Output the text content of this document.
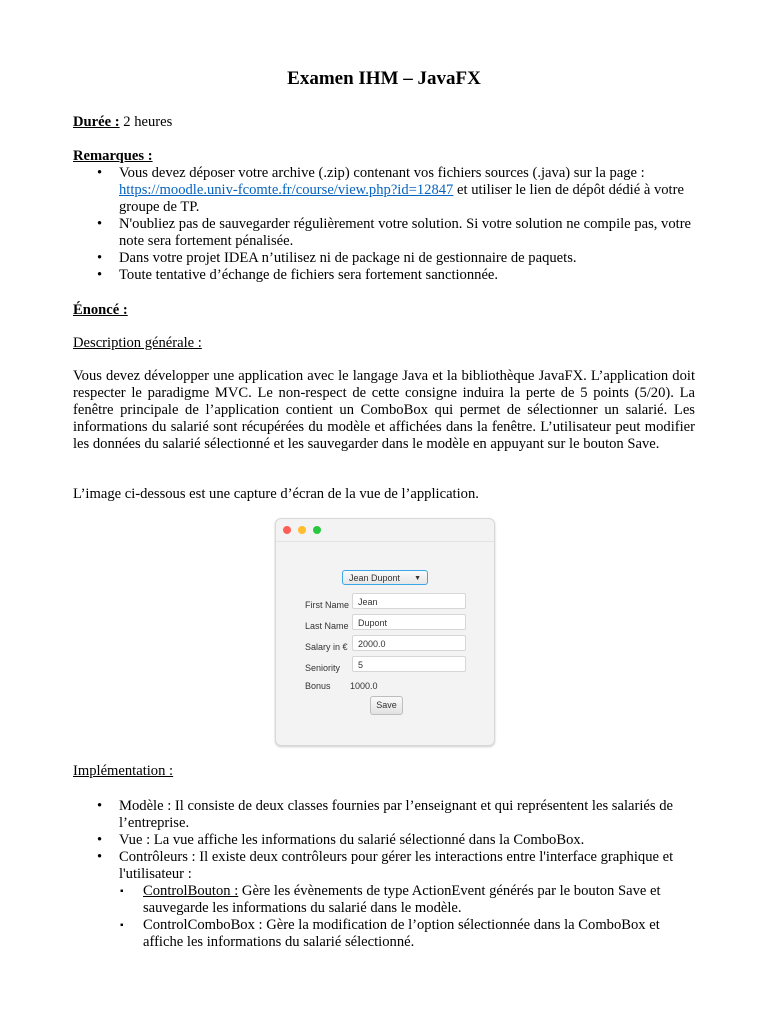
Examen IHM – JavaFX
Durée : 2 heures
Remarques :
• Vous devez déposer votre archive (.zip) contenant vos fichiers sources (.java) sur la page : https://moodle.univ-fcomte.fr/course/view.php?id=12847 et utiliser le lien de dépôt dédié à votre groupe de TP.
• N'oubliez pas de sauvegarder régulièrement votre solution. Si votre solution ne compile pas, votre note sera fortement pénalisée.
• Dans votre projet IDEA n’utilisez ni de package ni de gestionnaire de paquets.
• Toute tentative d’échange de fichiers sera fortement sanctionnée.
Énoncé :
Description générale :
Vous devez développer une application avec le langage Java et la bibliothèque JavaFX. L’application doit respecter le paradigme MVC. Le non-respect de cette consigne induira la perte de 5 points (5/20). La fenêtre principale de l’application contient un ComboBox qui permet de sélectionner un salarié. Les informations du salarié sont récupérées du modèle et affichées dans la fenêtre. L’utilisateur peut modifier les données du salarié sélectionné et les sauvegarder dans le modèle en appuyant sur le bouton Save.
L’image ci-dessous est une capture d’écran de la vue de l’application.
Jean Dupont ▼
First Name Jean
Last Name	Dupont
Salary in €	2000.0
Seniority	5
Bonus 1000.0
Save
Implémentation :
• Modèle : Il consiste de deux classes fournies par l’enseignant et qui représentent les salariés de l’entreprise.
• Vue : La vue affiche les informations du salarié sélectionné dans la ComboBox.
• Contrôleurs : Il existe deux contrôleurs pour gérer les interactions entre l'interface graphique et l'utilisateur :
▪ ControlBouton : Gère les évènements de type ActionEvent générés par le bouton Save et sauvegarde les informations du salarié dans le modèle.
▪ ControlComboBox : Gère la modification de l’option sélectionnée dans la ComboBox et affiche les informations du salarié sélectionné.
